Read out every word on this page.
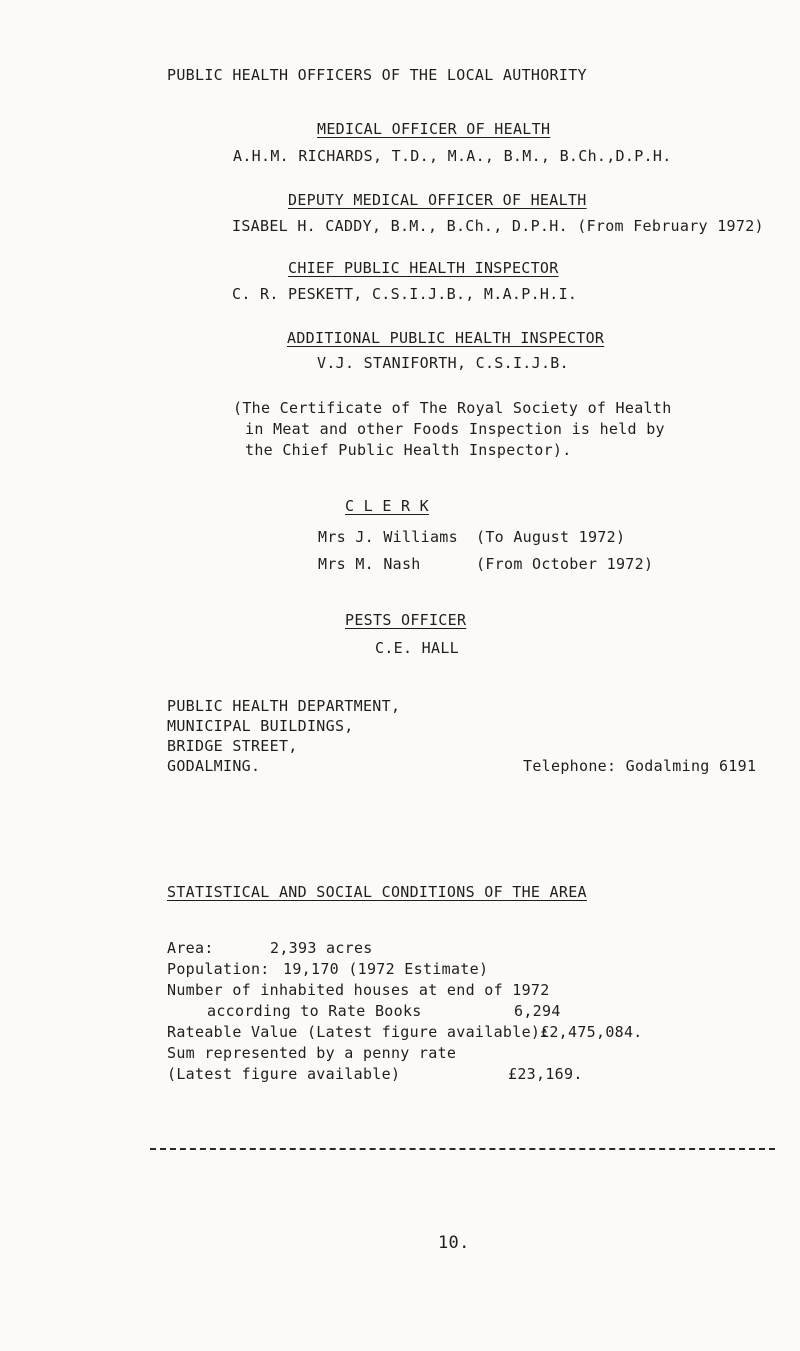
PUBLIC HEALTH OFFICERS OF THE LOCAL AUTHORITY
MEDICAL OFFICER OF HEALTH
A.H.M. RICHARDS, T.D., M.A., B.M., B.Ch.,D.P.H.
DEPUTY MEDICAL OFFICER OF HEALTH
ISABEL H. CADDY, B.M., B.Ch., D.P.H. (From February 1972)
CHIEF PUBLIC HEALTH INSPECTOR
C. R. PESKETT, C.S.I.J.B., M.A.P.H.I.
ADDITIONAL PUBLIC HEALTH INSPECTOR
V.J. STANIFORTH, C.S.I.J.B.
(The Certificate of The Royal Society of Health
in Meat and other Foods Inspection is held by
the Chief Public Health Inspector).
C L E R K
Mrs J. Williams (To August 1972)
Mrs M. Nash	(From October 1972)
PESTS OFFICER
C.E. HALL
PUBLIC HEALTH DEPARTMENT,
MUNICIPAL BUILDINGS,
BRIDGE STREET,
GODALMING.	Telephone: Godalming 6191
STATISTICAL AND SOCIAL CONDITIONS OF THE AREA
Area:	2,393 acres
Population: 19,170 (1972 Estimate)
Number of inhabited houses at end of 1972
according to Rate Books	6,294
Rateable Value (Latest figure available):
£2,475,084.
Sum represented by a penny rate
(Latest figure available)	£23,169.
10.
